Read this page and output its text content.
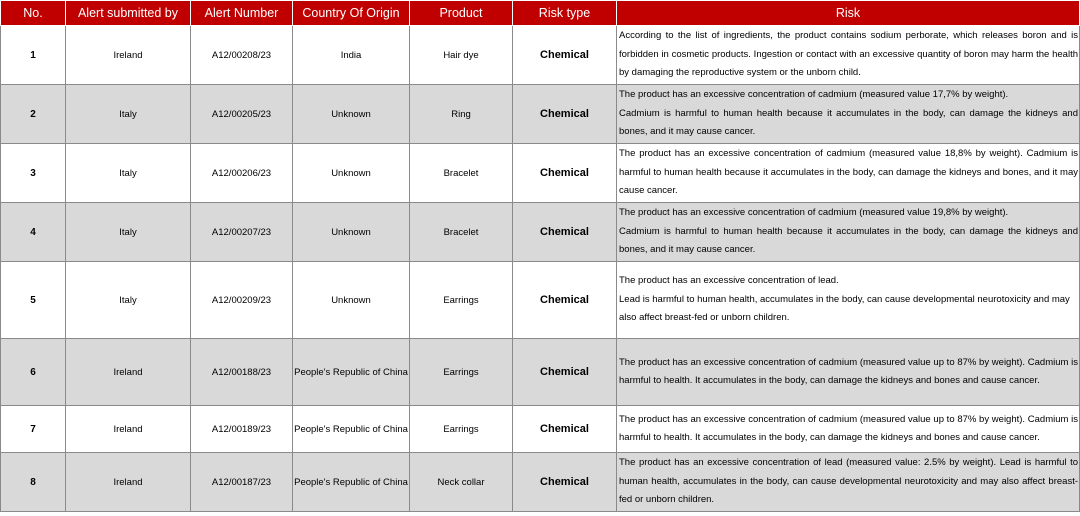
No.	Alert submitted by	Alert Number	Country Of Origin	Product	Risk type	Risk
1	Ireland	A12/00208/23	India	Hair dye	Chemical	According to the list of ingredients, the product contains sodium perborate, which releases boron and is forbidden in cosmetic products. Ingestion or contact with an excessive quantity of boron may harm the health by damaging the reproductive system or the unborn child.
2	Italy	A12/00205/23	Unknown	Ring	Chemical	The product has an excessive concentration of cadmium (measured value 17,7% by weight).
Cadmium is harmful to human health because it accumulates in the body, can damage the kidneys and bones, and it may cause cancer.
3	Italy	A12/00206/23	Unknown	Bracelet	Chemical	The product has an excessive concentration of cadmium (measured value 18,8% by weight). Cadmium is harmful to human health because it accumulates in the body, can damage the kidneys and bones, and it may cause cancer.
4	Italy	A12/00207/23	Unknown	Bracelet	Chemical	The product has an excessive concentration of cadmium (measured value 19,8% by weight).
Cadmium is harmful to human health because it accumulates in the body, can damage the kidneys and bones, and it may cause cancer.
5	Italy	A12/00209/23	Unknown	Earrings	Chemical	The product has an excessive concentration of lead.
Lead is harmful to human health, accumulates in the body, can cause developmental neurotoxicity and may
also affect breast-fed or unborn children.
6	Ireland	A12/00188/23	People's Republic of China	Earrings	Chemical	The product has an excessive concentration of cadmium (measured value up to 87% by weight). Cadmium is harmful to health. It accumulates in the body, can damage the kidneys and bones and cause cancer.
7	Ireland	A12/00189/23	People's Republic of China	Earrings	Chemical	The product has an excessive concentration of cadmium (measured value up to 87% by weight). Cadmium is harmful to health. It accumulates in the body, can damage the kidneys and bones and cause cancer.
8	Ireland	A12/00187/23	People's Republic of China	Neck collar	Chemical	The product has an excessive concentration of lead (measured value: 2.5% by weight). Lead is harmful to human health, accumulates in the body, can cause developmental neurotoxicity and may also affect breast-fed or unborn children.
